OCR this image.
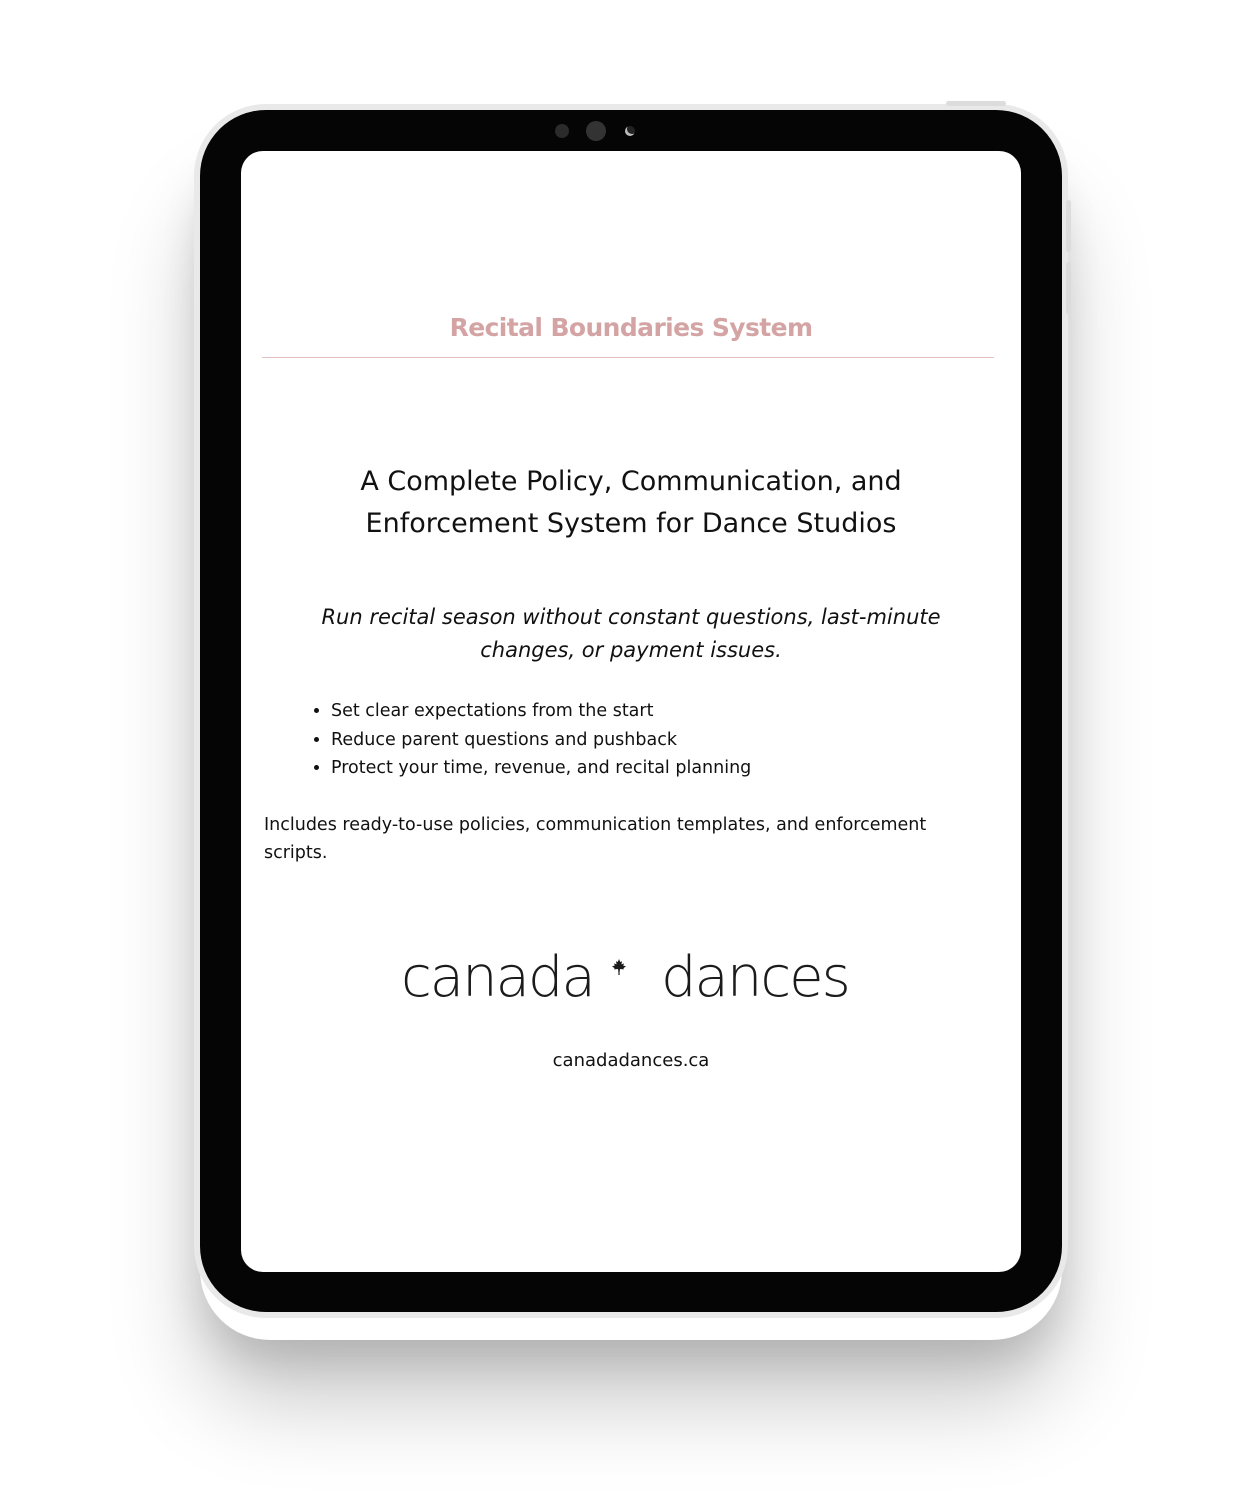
Recital Boundaries System
A Complete Policy, Communication, and Enforcement System for Dance Studios
Run recital season without constant questions, last-minute changes, or payment issues.
• Set clear expectations from the start
• Reduce parent questions and pushback
• Protect your time, revenue, and recital planning
Includes ready-to-use policies, communication templates, and enforcement scripts.
canada dances
canadadances.ca
